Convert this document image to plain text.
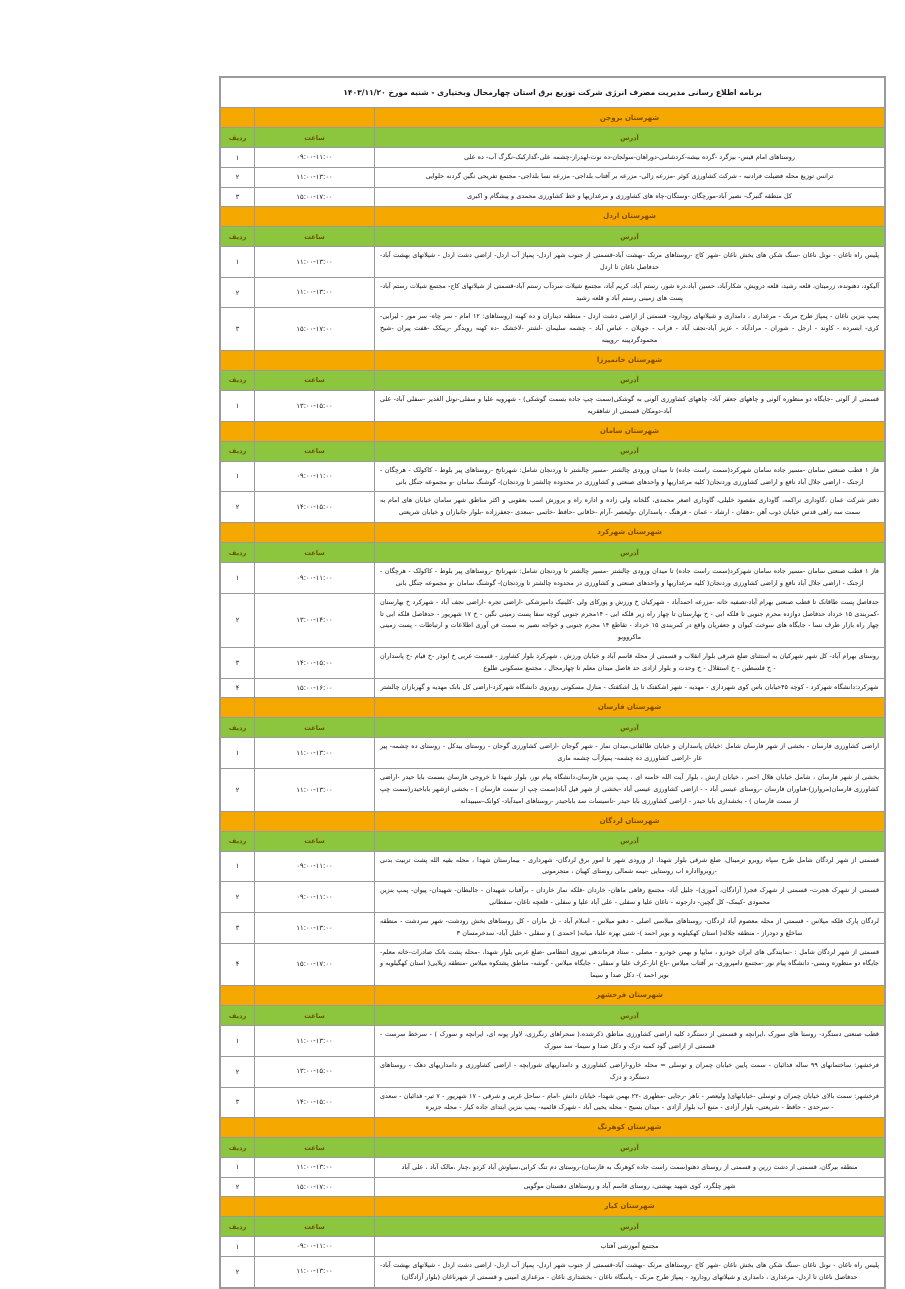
برنامه اطلاع رسانی مدیریت مصرف انرژی شرکت توزیع برق استان چهارمحال وبختیاری - شنبه مورخ ۱۴۰۳/۱۱/۲۰		
شهرستان بروجن		
آدرس	ساعت	ردیف
روستاهای امام قیس- بیزگرد -گرده بیشه-کردشامی-دوراهان-سولجان-ده نوت-لهدراز-چشمه علی-گدارکبک-نگرگ آب- ده علی	۰۹:۰۰-۱۱:۰۰	۱
ترانس توزیع محله فضیلت فرادنبه - شرکت کشاورزی کوثر -مزرعه زالی- مزرعه بر آفتاب بلداجی- مزرعه نسا بلداجی- مجتمع تفریحی نگین گردنه حلوایی	۱۱:۰۰-۱۳:۰۰	۲
کل منطقه گنبرگ- نصیر آباد-مورچگان -وستگان-چاه های کشاورزی و مرغداریها و خط کشاورزی محمدی و پیشگام و اکبری	۱۵:۰۰-۱۷:۰۰	۳
شهرستان اردل		
آدرس	ساعت	ردیف
پلیس راه ناغان - نونل ناغان -سنگ شکن های بخش ناغان -شهر کاج -روستاهای مرنک -بهشت آباد-قسمتی از جنوب شهر اردل- پمپاژ آب اردل- اراضی دشت اردل - شیلاتهای بهشت آباد- حدفاصل ناغان تا اردل	۱۱:۰۰-۱۳:۰۰	۱
آلیکود، دهنونده، زرمیتان، قلعه رشید، قلعه درویش، شکارآباد، حسین آباد،دره شور، رستم آباد، کریم آباد، مجتمع شیلات سردآب رستم آباد-قسمتی از شیلاتهای کاج- مجتمع شیلات رستم آباد- پست های زمینی رستم آباد و قلعه رشید	۱۱:۰۰-۱۳:۰۰	۲
پمپ بنزین ناغان - پمپاژ طرح مرنک - مرغداری ، دامداری و شیلاتهای رودارود- قسمتی از اراضی دشت اردل - منطقه دیناران و ده کهنه (روستاهای: ۱۲ امام - سر چاه- سر مور - لیرابی- کری- ابسرده - کاوند - ارجل - شوران - مرادآباد - عزیز آباد-نجف آباد - فراب - جویلان - عباس آباد - چشمه سلیمان -لشتر -لاخشک -ده کهنه رویدگر -ریبکک -هفت پیران -شیخ محمودگردپینه -روپینه	۱۵:۰۰-۱۷:۰۰	۳
شهرستان خانمیرزا		
آدرس	ساعت	ردیف
قسمتی از آلونی -جایگاه دو منظوره آلونی و چاههای جعفر آباد- چاههای کشاورزی آلونی به گوشکی(سمت چپ جاده بسمت گوشکی) - شهرویه علیا و سفلی-نونل الغدیر -سفلی آباد- علی آباد-دومکان قسمتی از شاهقریه	۱۳:۰۰-۱۵:۰۰	۱
شهرستان سامان		
آدرس	ساعت	ردیف
فاز ۱ قطب صنعتی سامان -مسیر جاده سامان شهرکرد(سمت راست جاده) تا میدان ورودی چالشتر -مسیر چالشتر تا وردنجان شامل: شهرناتخ -روستاهای پیر بلوط - کاکولک - هرچگان - ارجنک - اراضی جلال آباد نافع و اراضی کشاورزی وردنجان( کلیه مرغداریها و واحدهای صنعتی و کشاورزی در محدوده چالشتر تا وردنجان)- گوشنگ سامان -و مجموعه جنگل بانی	۰۹:۰۰-۱۱:۰۰	۱
دفتر شرکت عمان ،گاوداری تراکمه، گاوداری مقصود خلیلی، گاوداری اصغر محمدی، گلخانه ولی زاده و اداره راه و پرورش اسب بعقوبی و اکثر مناطق شهر سامان خیابان های امام به سمت سه راهی قدس خیابان ذوب آهن -دهقان - ارشاد - عمان - فرهنگ - پاسداران -ولیعصر -آرام -خاقانی -حافظ -خاتمی -سعدی -جعفرزاده -بلوار جانبازان و خیابان شریعتی	۱۴:۰۰-۱۵:۰۰	۲
شهرستان شهرکرد		
آدرس	ساعت	ردیف
فاز ۱ قطب صنعتی سامان -مسیر جاده سامان شهرکرد(سمت راست جاده) تا میدان ورودی چالشتر -مسیر چالشتر تا وردنجان شامل: شهرناتخ -روستاهای پیر بلوط - کاکولک - هرچگان - ارجنک - اراضی جلال آباد نافع و اراضی کشاورزی وردنجان( کلیه مرغداریها و واحدهای صنعتی و کشاورزی در محدوده چالشتر تا وردنجان)- گوشنگ سامان -و مجموعه جنگل بانی	۰۹:۰۰-۱۱:۰۰	۱
حدفاصل پست طاقانک تا قطب صنعتی بهرام آباد-تصفیه خانه -مزرعه احمدآباد - شهرکیان خ ورزش و پورکای ولی -کلینیک دامپزشکی -اراضی تجره -اراضی نجف آباد - شهرکرد خ بهارستان -کمربندی ۱۵ خرداد حدفاصل دوازده محرم جنوبی تا فلکه ابی - خ بهارستان تا چهار راه زیر فلکه ابی - ۱۴محرم جنوبی کوچه سفا پست زمینی نگین - خ ۱۷ شهریور - حدفاصل فلکه ابی تا چهار راه بازار طرف نسا - جایگاه های سوخت کیوان و جعفریان واقع در کمربندی ۱۵ خرداد - تقاطع ۱۴ محرم جنوبی و خواجه نصیر به سمت فن آوری اطلاعات و ارتباطات - پست زمینی ماکرووبو	۱۳:۰۰-۱۴:۰۰	۲
روستای بهرام آباد- کل شهر شهرکیان به استثنای ضلع شرقی بلوار انقلاب و قسمتی از محله قاسم آباد و خیابان ورزش ، شهرکرد بلوار کشاورز - قسمت غربی خ ابوذر -خ قیام -خ پاسداران - خ فلسطین - خ استقلال - خ وحدت و بلوار ازادی حد فاصل میدان معلم تا چهارمحال ، مجتمع مسکونی طلوع	۱۴:۰۰-۱۵:۰۰	۳
شهرکرد:دانشگاه شهرکرد - کوچه ۴۵خیابان باس کوی شهرداری - مهدیه - شهر اشکفتک تا پل اشکفتک - منازل مسکونی روبروی دانشگاه شهرکرد-اراضی کل بانک مهدیه و گهربازان چالشتر	۱۵:۰۰-۱۶:۰۰	۴
شهرستان فارسان		
آدرس	ساعت	ردیف
اراضی کشاورزی فارسان - بخشی از شهر فارسان شامل :خیابان پاسداران و خیابان طالقانی،میدان نماز - شهر گوجان -اراضی کشاورزی گوجان - روستای بیدکل - روستای ده چشمه- پیر غار -اراضی کشاورزی ده چشمه- پمپاژآب چشمه ماری	۱۱:۰۰-۱۳:۰۰	۱
بخشی از شهر فارسان ، شامل خیابان هلال احمر ، خیابان ارتش ، بلوار آیت الله خامنه ای ، پمپ بنزین فارسان،دانشگاه پیام نور، بلوار شهدا تا خروجی فارسان بسمت بابا حیدر -اراضی کشاورزی فارسان(مروارژ)-فناوران فارسان -روستای عیسی آباد - - اراضی کشاورزی عیسی آباد -بخشی از شهر فیل آباد(سمت چپ از سمت فارسان ) - بخشی ازشهر باباحیدر(سمت چپ از سمت فارسان ) - بخشداری بابا حیدر - اراضی کشاورزی بابا حیدر -تاسیسات سد باباحیدر -روستاهای امیدآباد- کوانک-سیبیدانه	۱۱:۰۰-۱۳:۰۰	۲
شهرستان لردگان		
آدرس	ساعت	ردیف
قسمتی از شهر لردگان شامل طرح سپاه روبرو ترمینال، ضلع شرقی بلوار شهدا، از ورودی شهر تا امور برق لردگان- شهرداری - بیمارستان شهدا ، محله بقیه الله پشت تربیت بدنی -روبروااداره اب روستایی -نیمه شمالی روستای کهیان ، متجرمونی	۰۹:۰۰-۱۱:۰۰	۱
قسمتی از شهرک هجرت- قسمتی از شهرک فجر( آزادگان، آموزی)- جلیل آباد- مجتمع رفاهی ماهان- خاردان -فلکه نماز خاردان - برآفتاب شهیدان - جالبطان- شهیدان- پیوان- پمپ بنزین محمودی -کیمک- کل گچین- دارجونه - ناغان علیا و سفلی - علی آباد علیا و سفلی - قلعچه ناغان- سفطانی	۰۹:۰۰-۱۱:۰۰	۲
لردگان پارک فلکه میلاس - قسمتی از محله معصوم آباد لردگان- روستاهای میلاسی اصلی - دهنو میلاس - اسلام آباد - تل ماران - کل روستاهای بخش رودشت- شهر سردشت - منطقه ساخلع و دودراز - منطقه جلاله( استان کهکیلویه و بویر احمد )- شتی بهره علیا، میانه( احمدی ) و سفلی - خلیل آباد- سدخرمسان ۳	۱۱:۰۰-۱۳:۰۰	۳
قسمتی از شهر لردگان شامل : -نمایندگی های ایران خودرو ، سایپا و بهمن خودرو - مصلی - ستاد فرماندهی نیروی انتظامی -ضلع غربی بلوار شهدا، -محله پشت بانک صادرات-خانه معلم-جایگاه دو منظوره وبسی- دانشگاه پیام نور -مجتمع دامپروری- بر آفتاب میلاس -باغ انار-کرف علیا و سفلی - جایگاه میلاس - گوشه- مناطق پشتکوه میلاس -منطقه زیلایی( استان کهگیلویه و بویر احمد )- دکل صدا و سیما	۱۵:۰۰-۱۷:۰۰	۴
شهرستان فرخشهر		
آدرس	ساعت	ردیف
قطب صنعتی دستگرد- روستا های سورک ،ایرانچه و قسمتی از دستگرد کلیه اراضی کشاورزی مناطق ذکرشده،( سحراهای رنگرزی، لاوار پونه ای، ایرانچه و سورک ) - سرخط سرست - قسمتی از اراضی گود کمبه دزک و دکل صدا و سیما- سد سورک	۱۱:۰۰-۱۳:۰۰	۱
فرخشهر: ساختمانهای ۹۹ ساله فدائیان - سمت پایین خیابان چمران و توسلی = محله خارو-اراضی کشاورزی و دامداریهای شورابچه - اراضی کشاورزی و دامداریهای دهک - روستاهای دستگرد و دزک	۱۳:۰۰-۱۵:۰۰	۲
فرخشهر: سمت بالای خیابان چمران و توسلی -خیابانهای( ولیعصر - ناهر -رجایی -مطهری -۲۲ بهمن شهدا- خیابان دانش -امام - ساحل غربی و شرقی - ۱۷ شهریور - ۷ تیر- فدائیان - سعدی - سرحدی - حافظ - شریعتی- بلوار آزادی - منبع آب بلوار آزادی - میدان بسیج - محله یحیی آباد - شهرک قائمیه- پمپ بنزین ابتدای جاده کیار - محله جزیره	۱۴:۰۰-۱۵:۰۰	۳
شهرستان کوهرنگ		
آدرس	ساعت	ردیف
منطقه بیرگان، قسمتی از دشت زرین و قسمتی از روستای دهنو(سمت راست جاده کوهرنگ به فارسان)-روستای دم تنگ کرابی،سیاوش آباد کردو ،چنار ،مالک آباد ، علی آباد	۱۱:۰۰-۱۳:۰۰	۱
شهر چلگرد، کوی شهید بهشتی، روستای قاسم آباد و روستاهای دهستان موگویی	۱۵:۰۰-۱۷:۰۰	۲
شهرستان کیار		
آدرس	ساعت	ردیف
مجتمع آموزشی آفتاب	۰۹:۰۰-۱۱:۰۰	۱
پلیس راه ناغان - نونل ناغان -سنگ شکن های بخش ناغان -شهر کاج -روستاهای مرنک -بهشت آباد-قسمتی از جنوب شهر اردل- پمپاژ آب اردل- اراضی دشت اردل - شیلاتهای بهشت آباد- حدفاصل ناغان تا اردل- مرغداری ، دامداری و شیلاتهای رودارود - پمپاژ طرح مرنک - پاسگاه ناغان - بخشداری ناغان - مرغداری امینی و قسمتی از شهرناغان (بلوار آزادگان)	۱۱:۰۰-۱۳:۰۰	۲
